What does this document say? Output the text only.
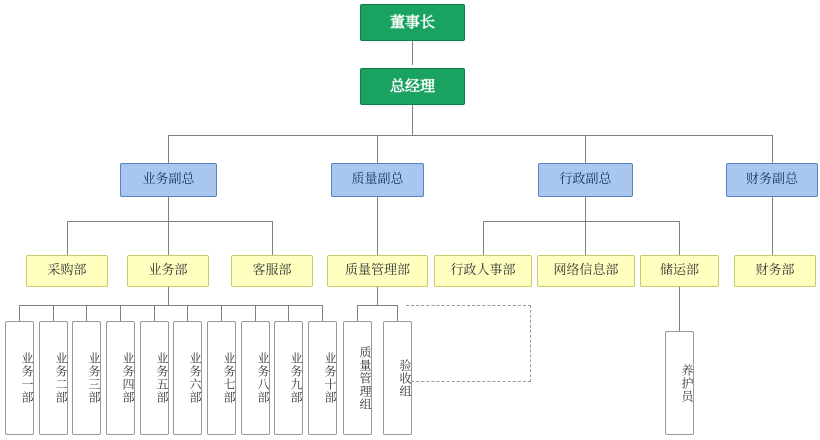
董事长
总经理
业务副总	质量副总	行政副总	财务副总
采购部	业务部	客服部	质量管理部	行政人事部	网络信息部	储运部	财务部
业务一部 业务二部 业务三部 业务四部 业务五部 业务六部 业务七部 业务八部 业务九部 业务十部 质量管理组 验收组	养护员
